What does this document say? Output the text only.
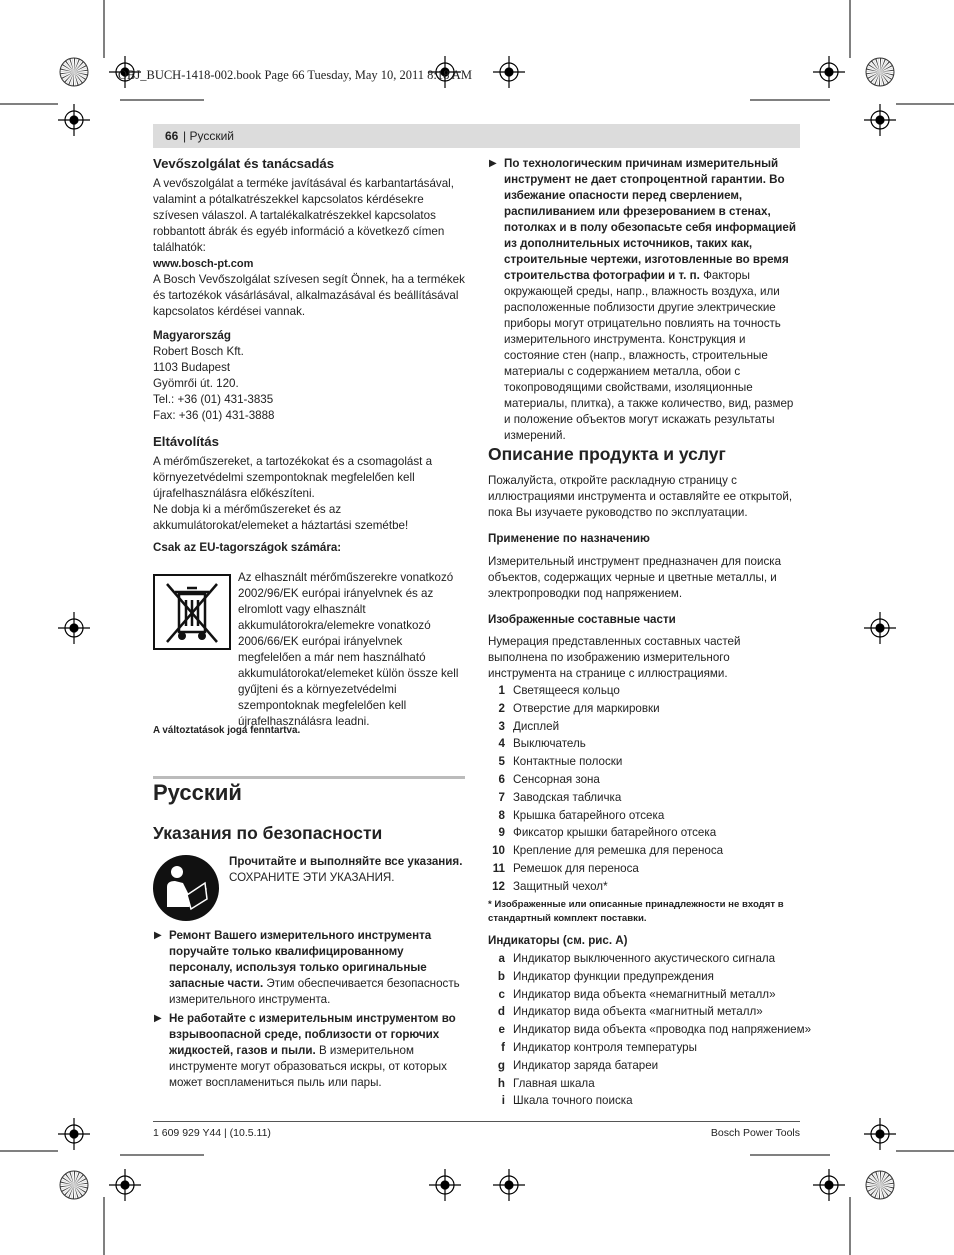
OBJ_BUCH-1418-002.book Page 66 Tuesday, May 10, 2011 8:18 AM
66 | Русский

Vevőszolgálat és tanácsadás

A vevőszolgálat a terméke javításával és karbantartásával, valamint a pótalkatrészekkel kapcsolatos kérdésekre szívesen válaszol. A tartalékalkatrészekkel kapcsolatos robbantott ábrák és egyéb információ a következő címen találhatók:

www.bosch-pt.com

A Bosch Vevőszolgálat szívesen segít Önnek, ha a termékek és tartozékok vásárlásával, alkalmazásával és beállításával kapcsolatos kérdései vannak.

Magyarország

Robert Bosch Kft.

1103 Budapest

Gyömrői út. 120.

Tel.: +36 (01) 431-3835

Fax: +36 (01) 431-3888

Eltávolítás

A mérőműszereket, a tartozékokat és a csomagolást a környezetvédelmi szempontoknak megfelelően kell újrafelhasználásra előkészíteni.

Ne dobja ki a mérőműszereket és az akkumulátorokat/elemeket a háztartási szemétbe!

Csak az EU-tagországok számára:

Az elhasznált mérőműszerekre vonatkozó 2002/96/EK európai irányelvnek és az elromlott vagy elhasznált akkumulátorokra/elemekre vonatkozó 2006/66/EK európai irányelvnek megfelelően a már nem használható akkumulátorokat/elemeket külön össze kell gyűjteni és a környezetvédelmi szempontoknak megfelelően kell újrafelhasználásra leadni.
A változtatások joga fenntartva.
Русский
Указания по безопасности

Прочитайте и выполняйте все указания.

СОХРАНИТЕ ЭТИ УКАЗАНИЯ.

▶ Ремонт Вашего измерительного инструмента поручайте только квалифицированному персоналу, используя только оригинальные запасные части. Этим обеспечивается безопасность измерительного инструмента.
▶ Не работайте с измерительным инструментом во взрывоопасной среде, поблизости от горючих жидкостей, газов и пыли. В измерительном инструменте могут образоваться искры, от которых может воспламениться пыль или пары.
▶ По технологическим причинам измерительный инструмент не дает стопроцентной гарантии. Во избежание опасности перед сверлением, распиливанием или фрезерованием в стенах, потолках и в полу обезопасьте себя информацией из дополнительных источников, таких как, строительные чертежи, изготовленные во время строительства фотографии и т. п. Факторы окружающей среды, напр., влажность воздуха, или расположенные поблизости другие электрические приборы могут отрицательно повлиять на точность измерительного инструмента. Конструкция и состояние стен (напр., влажность, строительные материалы с содержанием металла, обои с токопроводящими свойствами, изоляционные материалы, плитка), а также количество, вид, размер и положение объектов могут искажать результаты измерений.
Описание продукта и услуг
Пожалуйста, откройте раскладную страницу с иллюстрациями инструмента и оставляйте ее открытой, пока Вы изучаете руководство по эксплуатации.
Применение по назначению
Измерительный инструмент предназначен для поиска объектов, содержащих черные и цветные металлы, и электропроводки под напряжением.
Изображенные составные части
Нумерация представленных составных частей выполнена по изображению измерительного инструмента на странице с иллюстрациями.
1 Светящееся кольцо
2 Отверстие для маркировки
3 Дисплей
4 Выключатель
5 Контактные полоски
6 Сенсорная зона
7 Заводская табличка
8 Крышка батарейного отсека
9 Фиксатор крышки батарейного отсека
10 Крепление для ремешка для переноса
11 Ремешок для переноса
12 Защитный чехол*
* Изображенные или описанные принадлежности не входят в стандартный комплект поставки.
Индикаторы (см. рис. A)
a Индикатор выключенного акустического сигнала
b Индикатор функции предупреждения
c Индикатор вида объекта «немагнитный металл»
d Индикатор вида объекта «магнитный металл»
e Индикатор вида объекта «проводка под напряжением»
f Индикатор контроля температуры
g Индикатор заряда батареи
h Главная шкала
i Шкала точного поиска
1 609 929 Y44 | (10.5.11)	Bosch Power Tools
